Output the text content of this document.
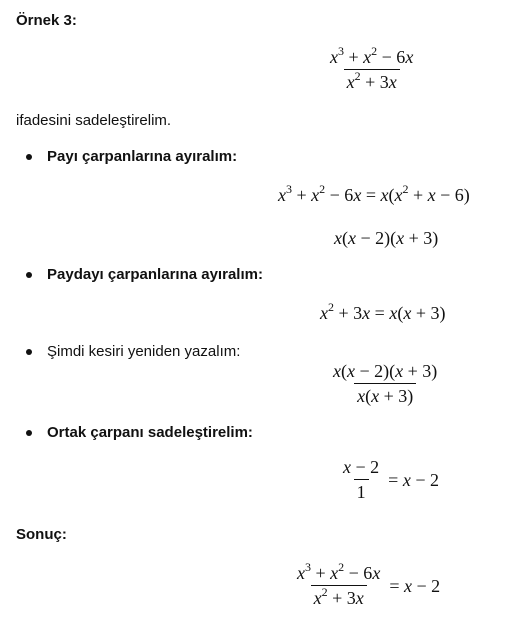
Örnek 3:
$\frac{x^3 + x^2 - 6x}{x^2 + 3x}$
ifadesini sadeleştirelim.
Payı çarpanlarına ayıralım:
$x^3 + x^2 - 6x = x(x^2 + x - 6)$
x(x − 2)(x + 3)
Paydayı çarpanlarına ayıralım:
$x^2 + 3x = x(x + 3)$
Şimdi kesiri yeniden yazalım:
$\frac{x(x - 2)(x + 3)}{x(x + 3)}$
Ortak çarpanı sadeleştirelim:
$\frac{x - 2}{1} = x - 2$
Sonuç:
$\frac{x^3 + x^2 - 6x}{x^2 + 3x} = x - 2$
